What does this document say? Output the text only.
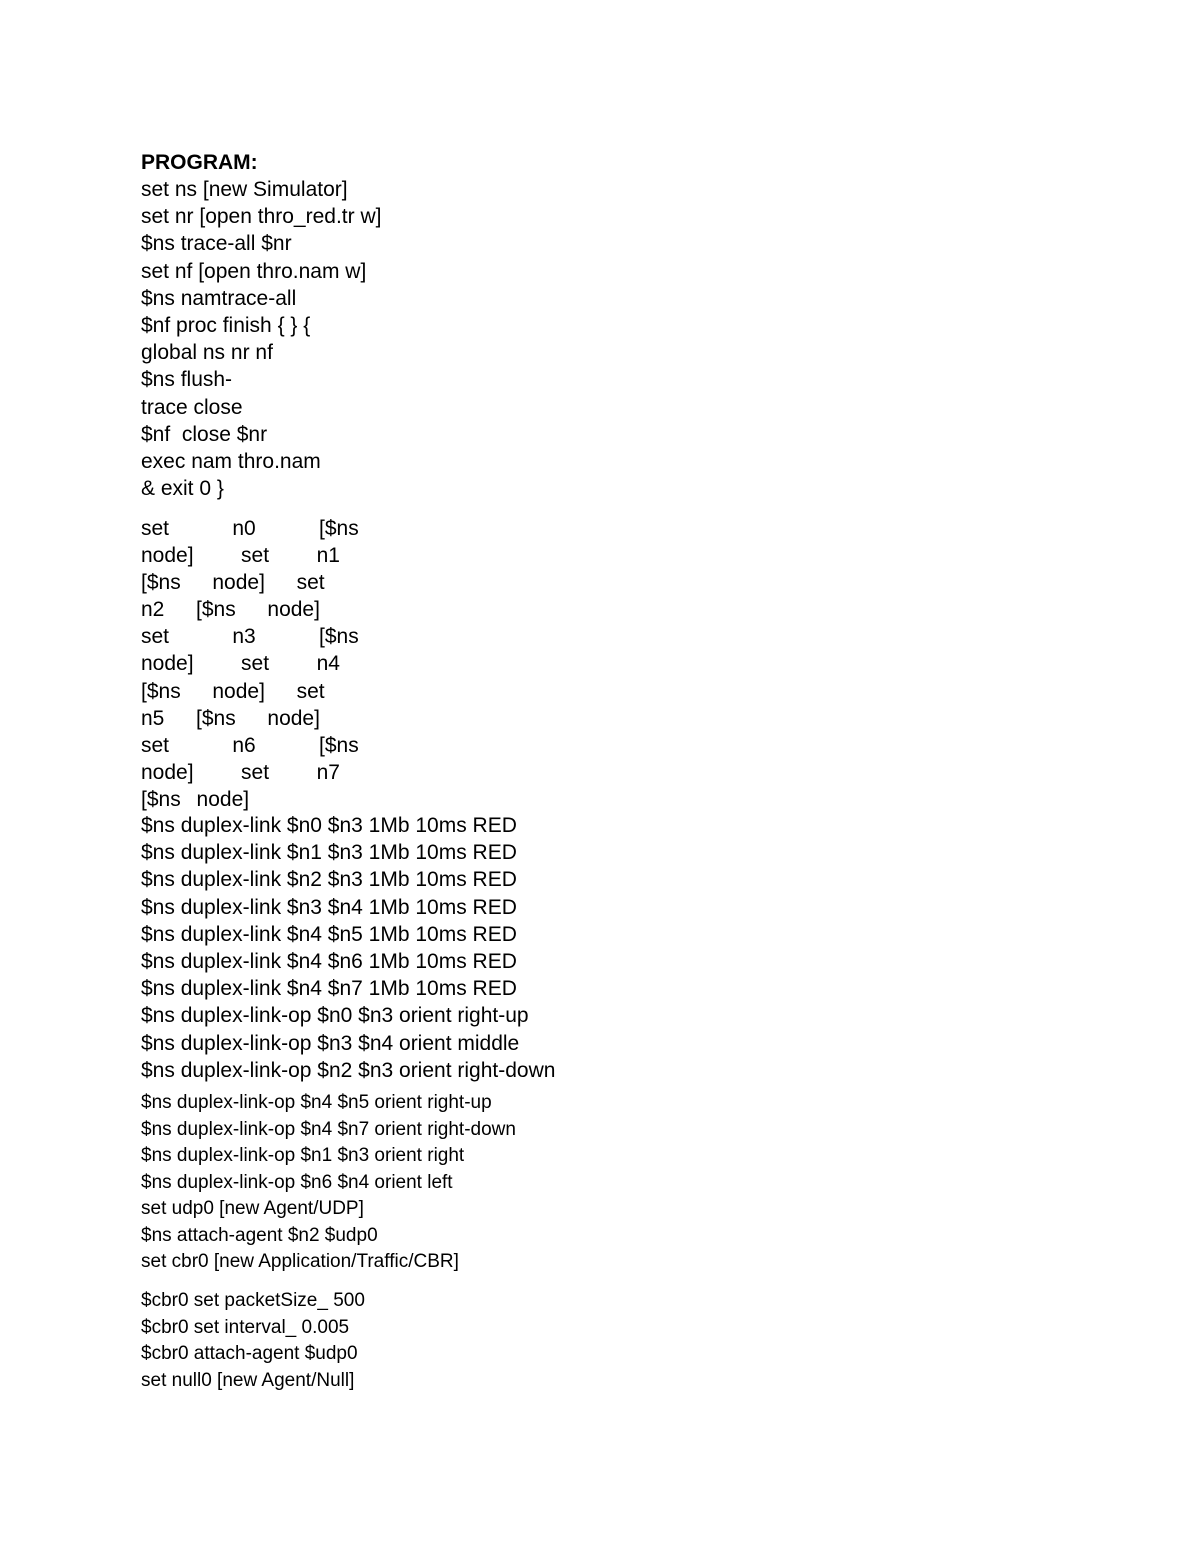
PROGRAM:
set ns [new Simulator]
set nr [open thro_red.tr w]
$ns trace-all $nr
set nf [open thro.nam w]
$ns namtrace-all
$nf proc finish { } {
global ns nr nf
$ns flush-
trace close
$nf  close $nr
exec nam thro.nam
& exit 0 }
set    n0    [$ns
node]   set   n1
[$ns  node]  set
n2  [$ns  node]
set    n3    [$ns
node]   set   n4
[$ns  node]  set
n5  [$ns  node]
set    n6    [$ns
node]   set   n7
[$ns node]
$ns duplex-link $n0 $n3 1Mb 10ms RED
$ns duplex-link $n1 $n3 1Mb 10ms RED
$ns duplex-link $n2 $n3 1Mb 10ms RED
$ns duplex-link $n3 $n4 1Mb 10ms RED
$ns duplex-link $n4 $n5 1Mb 10ms RED
$ns duplex-link $n4 $n6 1Mb 10ms RED
$ns duplex-link $n4 $n7 1Mb 10ms RED
$ns duplex-link-op $n0 $n3 orient right-up
$ns duplex-link-op $n3 $n4 orient middle
$ns duplex-link-op $n2 $n3 orient right-down
$ns duplex-link-op $n4 $n5 orient right-up
$ns duplex-link-op $n4 $n7 orient right-down
$ns duplex-link-op $n1 $n3 orient right
$ns duplex-link-op $n6 $n4 orient left
set udp0 [new Agent/UDP]
$ns attach-agent $n2 $udp0
set cbr0 [new Application/Traffic/CBR]
$cbr0 set packetSize_ 500
$cbr0 set interval_ 0.005
$cbr0 attach-agent $udp0
set null0 [new Agent/Null]
